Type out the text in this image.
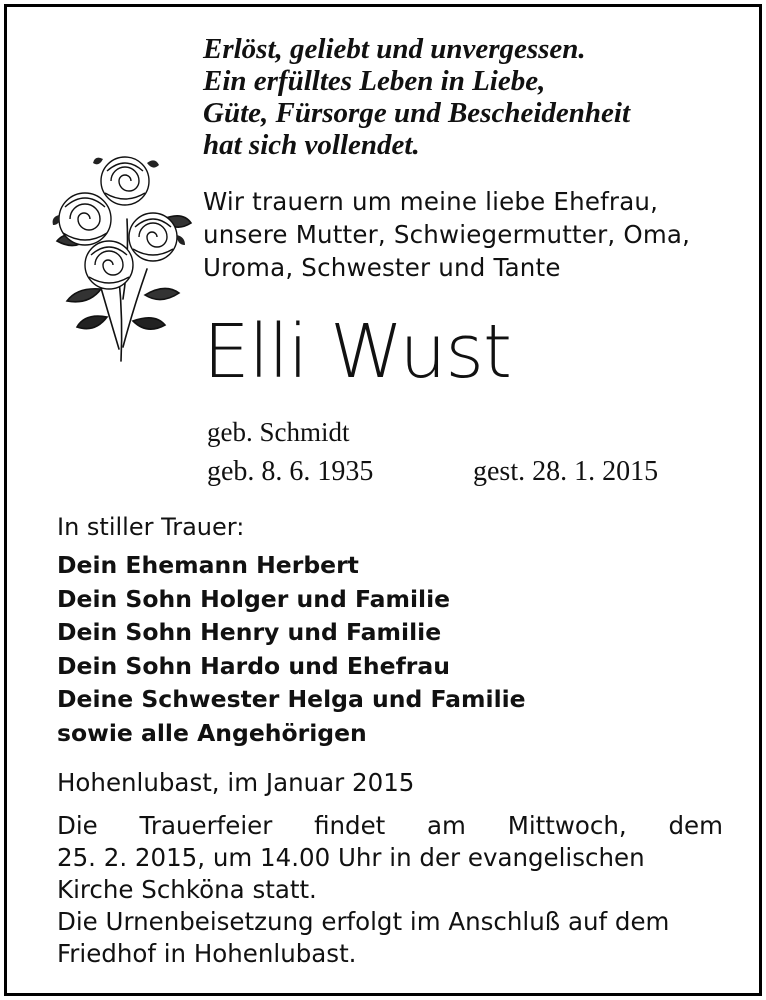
Erlöst, geliebt und unvergessen.
Ein erfülltes Leben in Liebe,
Güte, Fürsorge und Bescheidenheit
hat sich vollendet.
Wir trauern um meine liebe Ehefrau,
unsere Mutter, Schwiegermutter, Oma,
Uroma, Schwester und Tante
Elli Wust
geb. Schmidt
geb. 8. 6. 1935	gest. 28. 1. 2015
In stiller Trauer:
Dein Ehemann Herbert
Dein Sohn Holger und Familie
Dein Sohn Henry und Familie
Dein Sohn Hardo und Ehefrau
Deine Schwester Helga und Familie
sowie alle Angehörigen
Hohenlubast, im Januar 2015
Die Trauerfeier findet am Mittwoch, dem
25. 2. 2015, um 14.00 Uhr in der evangelischen
Kirche Schköna statt.
Die Urnenbeisetzung erfolgt im Anschluß auf dem
Friedhof in Hohenlubast.
